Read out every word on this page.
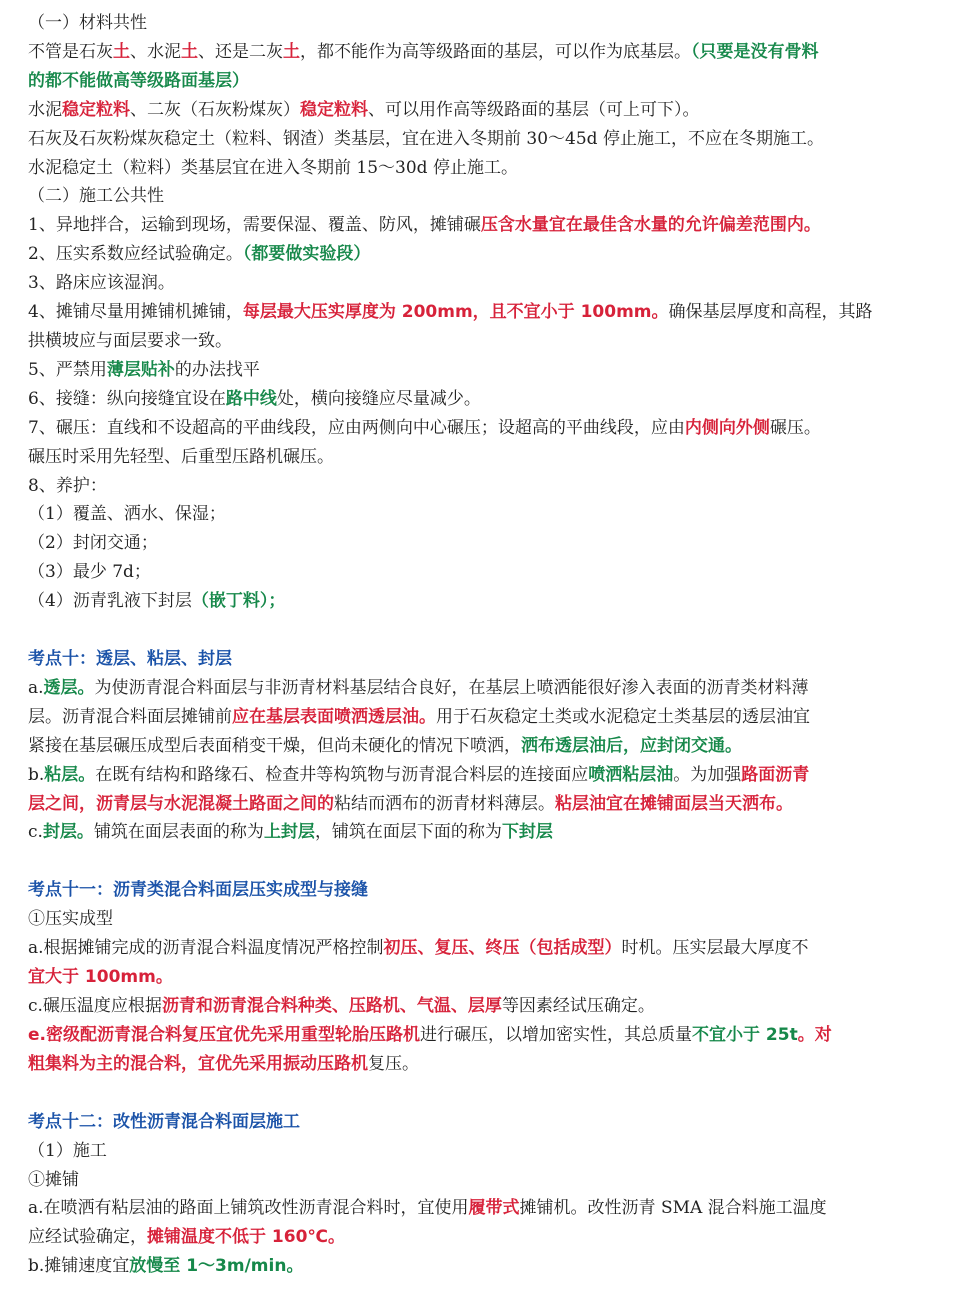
（一）材料共性
不管是石灰土、水泥土、还是二灰土，都不能作为高等级路面的基层，可以作为底基层。（只要是没有骨料
的都不能做高等级路面基层）
水泥稳定粒料、二灰（石灰粉煤灰）稳定粒料、可以用作高等级路面的基层（可上可下）。
石灰及石灰粉煤灰稳定土（粒料、钢渣）类基层，宜在进入冬期前 30～45d 停止施工，不应在冬期施工。
水泥稳定土（粒料）类基层宜在进入冬期前 15～30d 停止施工。
（二）施工公共性
1、异地拌合，运输到现场，需要保湿、覆盖、防风，摊铺碾压含水量宜在最佳含水量的允许偏差范围内。
2、压实系数应经试验确定。（都要做实验段）
3、路床应该湿润。
4、摊铺尽量用摊铺机摊铺，每层最大压实厚度为 200mm，且不宜小于 100mm。确保基层厚度和高程，其路
拱横坡应与面层要求一致。
5、严禁用薄层贴补的办法找平
6、接缝：纵向接缝宜设在路中线处，横向接缝应尽量减少。
7、碾压：直线和不设超高的平曲线段，应由两侧向中心碾压；设超高的平曲线段，应由内侧向外侧碾压。
碾压时采用先轻型、后重型压路机碾压。
8、养护：
（1）覆盖、洒水、保湿；
（2）封闭交通；
（3）最少 7d；
（4）沥青乳液下封层（嵌丁料）；
考点十：透层、粘层、封层
a.透层。为使沥青混合料面层与非沥青材料基层结合良好，在基层上喷洒能很好渗入表面的沥青类材料薄
层。沥青混合料面层摊铺前应在基层表面喷洒透层油。用于石灰稳定土类或水泥稳定土类基层的透层油宜
紧接在基层碾压成型后表面稍变干燥，但尚未硬化的情况下喷洒，洒布透层油后，应封闭交通。
b.粘层。在既有结构和路缘石、检查井等构筑物与沥青混合料层的连接面应喷洒粘层油。为加强路面沥青
层之间，沥青层与水泥混凝土路面之间的粘结而洒布的沥青材料薄层。粘层油宜在摊铺面层当天洒布。
c.封层。铺筑在面层表面的称为上封层，铺筑在面层下面的称为下封层
考点十一：沥青类混合料面层压实成型与接缝
①压实成型
a.根据摊铺完成的沥青混合料温度情况严格控制初压、复压、终压（包括成型）时机。压实层最大厚度不
宜大于 100mm。
c.碾压温度应根据沥青和沥青混合料种类、压路机、气温、层厚等因素经试压确定。
e.密级配沥青混合料复压宜优先采用重型轮胎压路机进行碾压，以增加密实性，其总质量不宜小于 25t。对
粗集料为主的混合料，宜优先采用振动压路机复压。
考点十二：改性沥青混合料面层施工
（1）施工
①摊铺
a.在喷洒有粘层油的路面上铺筑改性沥青混合料时，宜使用履带式摊铺机。改性沥青 SMA 混合料施工温度
应经试验确定，摊铺温度不低于 160℃。
b.摊铺速度宜放慢至 1～3m/min。
